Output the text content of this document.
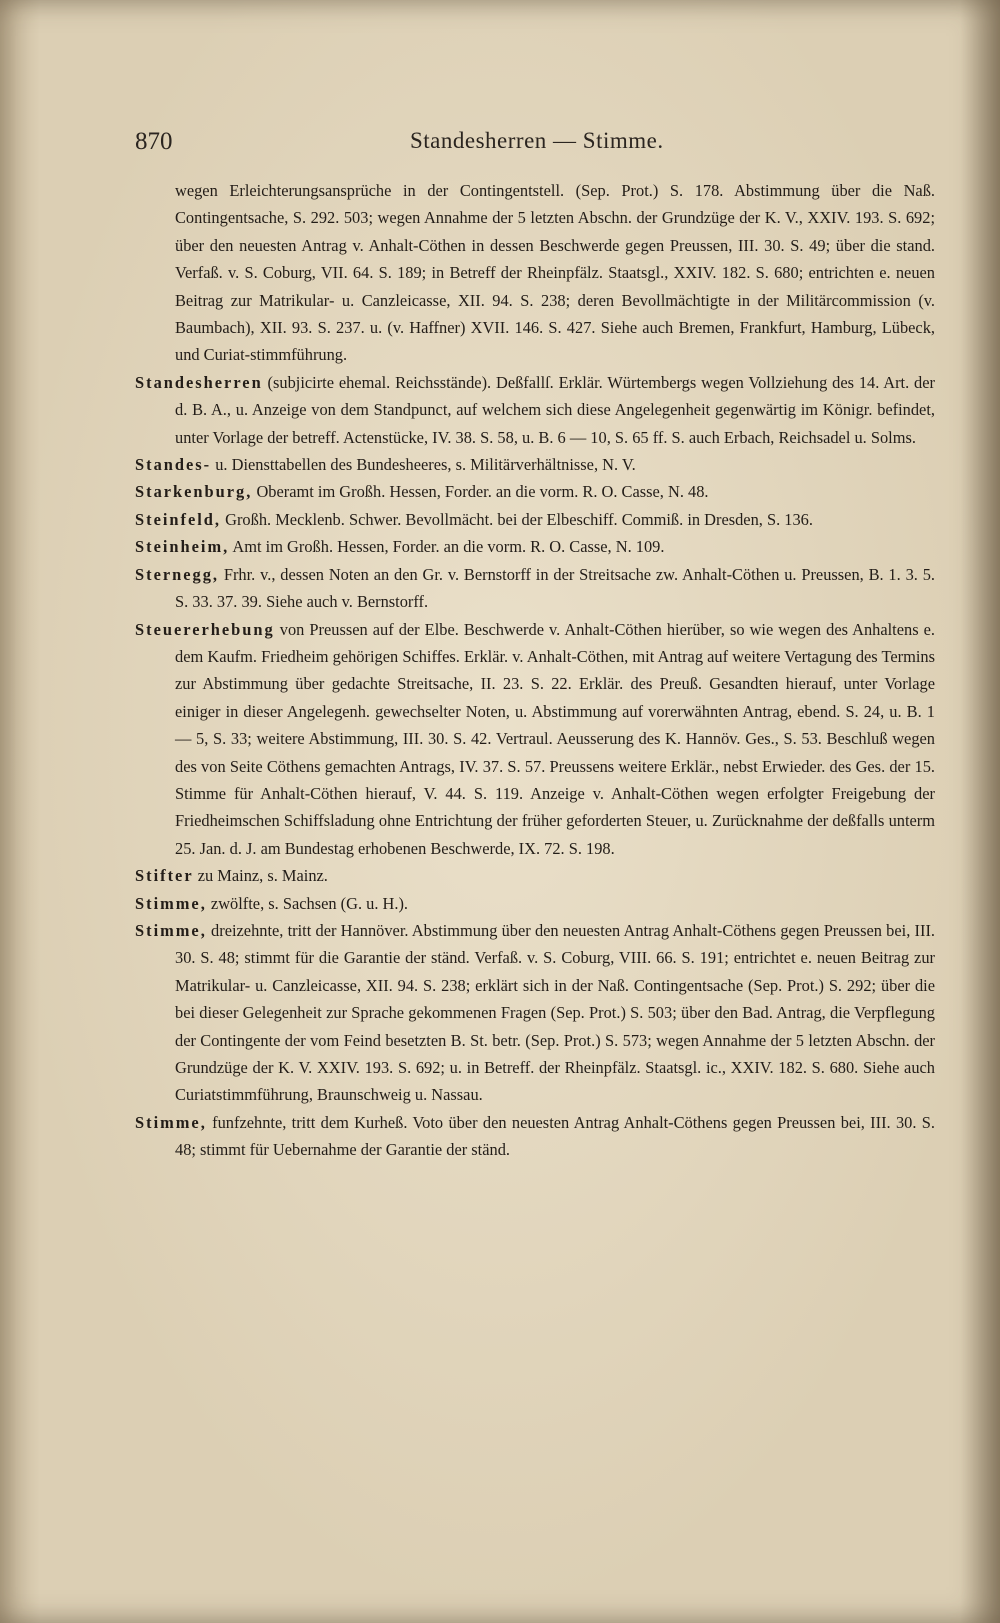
870	Standesherren — Stimme.

wegen Erleichterungsansprüche in der Contingentstell. (Sep. Prot.) S. 178. Abstimmung über die Naß. Contingentsache, S. 292. 503; wegen Annahme der 5 letzten Abschn. der Grundzüge der K. V., XXIV. 193. S. 692; über den neuesten Antrag v. Anhalt-Cöthen in dessen Beschwerde gegen Preussen, III. 30. S. 49; über die stand. Verfaß. v. S. Coburg, VII. 64. S. 189; in Betreff der Rheinpfälz. Staatsgl., XXIV. 182. S. 680; entrichten e. neuen Beitrag zur Matrikular- u. Canzleicasse, XII. 94. S. 238; deren Bevollmächtigte in der Militärcommission (v. Baumbach), XII. 93. S. 237. u. (v. Haffner) XVII. 146. S. 427. Siehe auch Bremen, Frankfurt, Hamburg, Lübeck, und Curiat-stimmführung.

Standesherren (subjicirte ehemal. Reichsstände). Deßfallſ. Erklär. Würtembergs wegen Vollziehung des 14. Art. der d. B. A., u. Anzeige von dem Standpunct, auf welchem sich diese Angelegenheit gegenwärtig im Königr. befindet, unter Vorlage der betreff. Actenstücke, IV. 38. S. 58, u. B. 6 — 10, S. 65 ff. S. auch Erbach, Reichsadel u. Solms.

Standes- u. Diensttabellen des Bundesheeres, s. Militärverhältnisse, N. V.

Starkenburg, Oberamt im Großh. Hessen, Forder. an die vorm. R. O. Casse, N. 48.

Steinfeld, Großh. Mecklenb. Schwer. Bevollmächt. bei der Elbeschiff. Commiß. in Dresden, S. 136.

Steinheim, Amt im Großh. Hessen, Forder. an die vorm. R. O. Casse, N. 109.

Sternegg, Frhr. v., dessen Noten an den Gr. v. Bernstorff in der Streitsache zw. Anhalt-Cöthen u. Preussen, B. 1. 3. 5. S. 33. 37. 39. Siehe auch v. Bernstorff.

Steuererhebung von Preussen auf der Elbe. Beschwerde v. Anhalt-Cöthen hierüber, so wie wegen des Anhaltens e. dem Kaufm. Friedheim gehörigen Schiffes. Erklär. v. Anhalt-Cöthen, mit Antrag auf weitere Vertagung des Termins zur Abstimmung über gedachte Streitsache, II. 23. S. 22. Erklär. des Preuß. Gesandten hierauf, unter Vorlage einiger in dieser Angelegenh. gewechselter Noten, u. Abstimmung auf vorerwähnten Antrag, ebend. S. 24, u. B. 1 — 5, S. 33; weitere Abstimmung, III. 30. S. 42. Vertraul. Aeusserung des K. Hannöv. Ges., S. 53. Beschluß wegen des von Seite Cöthens gemachten Antrags, IV. 37. S. 57. Preussens weitere Erklär., nebst Erwieder. des Ges. der 15. Stimme für Anhalt-Cöthen hierauf, V. 44. S. 119. Anzeige v. Anhalt-Cöthen wegen erfolgter Freigebung der Friedheimschen Schiffsladung ohne Entrichtung der früher geforderten Steuer, u. Zurücknahme der deßfalls unterm 25. Jan. d. J. am Bundestag erhobenen Beschwerde, IX. 72. S. 198.

Stifter zu Mainz, s. Mainz.

Stimme, zwölfte, s. Sachsen (G. u. H.).

Stimme, dreizehnte, tritt der Hannöver. Abstimmung über den neuesten Antrag Anhalt-Cöthens gegen Preussen bei, III. 30. S. 48; stimmt für die Garantie der ständ. Verfaß. v. S. Coburg, VIII. 66. S. 191; entrichtet e. neuen Beitrag zur Matrikular- u. Canzleicasse, XII. 94. S. 238; erklärt sich in der Naß. Contingentsache (Sep. Prot.) S. 292; über die bei dieser Gelegenheit zur Sprache gekommenen Fragen (Sep. Prot.) S. 503; über den Bad. Antrag, die Verpflegung der Contingente der vom Feind besetzten B. St. betr. (Sep. Prot.) S. 573; wegen Annahme der 5 letzten Abschn. der Grundzüge der K. V. XXIV. 193. S. 692; u. in Betreff. der Rheinpfälz. Staatsgl. ic., XXIV. 182. S. 680. Siehe auch Curiatstimmführung, Braunschweig u. Nassau.

Stimme, funfzehnte, tritt dem Kurheß. Voto über den neuesten Antrag Anhalt-Cöthens gegen Preussen bei, III. 30. S. 48; stimmt für Uebernahme der Garantie der ständ.
